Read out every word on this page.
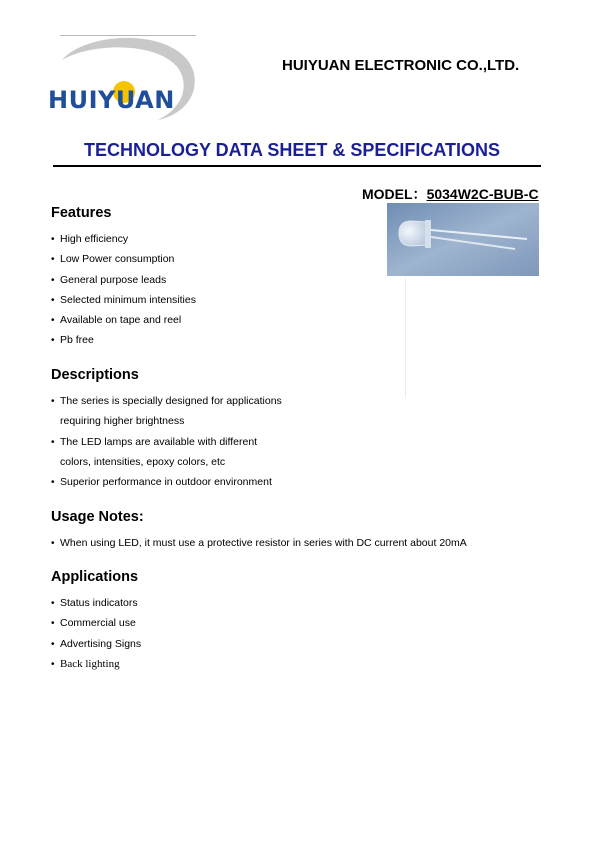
HUIYUAN
HUIYUAN ELECTRONIC CO.,LTD.
TECHNOLOGY DATA SHEET & SPECIFICATIONS
MODEL：5034W2C-BUB-C
Features
• High efficiency
• Low Power consumption
• General purpose leads
• Selected minimum intensities
• Available on tape and reel
• Pb free
Descriptions
• The series is specially designed for applications
requiring higher brightness
• The LED lamps are available with different
colors, intensities, epoxy colors, etc
• Superior performance in outdoor environment
Usage Notes:
• When using LED, it must use a protective resistor in series with DC current about 20mA
Applications
• Status indicators
• Commercial use
• Advertising Signs
• Back lighting
